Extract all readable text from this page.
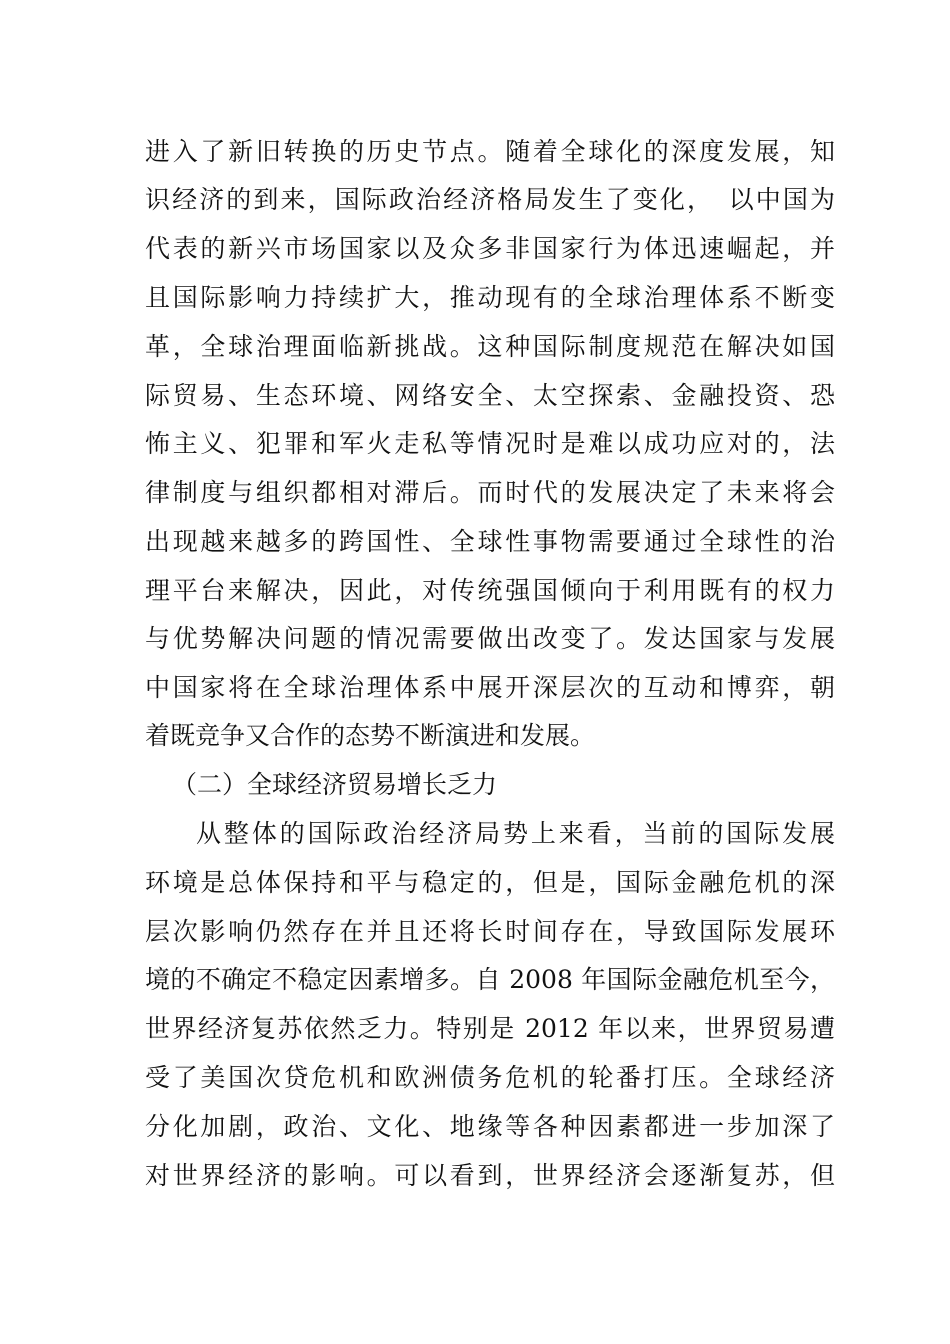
进入了新旧转换的历史节点。随着全球化的深度发展，知

识经济的到来，国际政治经济格局发生了变化，　以中国为

代表的新兴市场国家以及众多非国家行为体迅速崛起，并

且国际影响力持续扩大，推动现有的全球治理体系不断变

革，全球治理面临新挑战。这种国际制度规范在解决如国

际贸易、生态环境、网络安全、太空探索、金融投资、恐

怖主义、犯罪和军火走私等情况时是难以成功应对的，法

律制度与组织都相对滞后。而时代的发展决定了未来将会

出现越来越多的跨国性、全球性事物需要通过全球性的治

理平台来解决，因此，对传统强国倾向于利用既有的权力

与优势解决问题的情况需要做出改变了。发达国家与发展

中国家将在全球治理体系中展开深层次的互动和博弈，朝

着既竞争又合作的态势不断演进和发展。

（二）全球经济贸易增长乏力

从整体的国际政治经济局势上来看，当前的国际发展

环境是总体保持和平与稳定的，但是，国际金融危机的深

层次影响仍然存在并且还将长时间存在，导致国际发展环

境的不确定不稳定因素增多。自 2008 年国际金融危机至今，

世界经济复苏依然乏力。特别是 2012 年以来，世界贸易遭

受了美国次贷危机和欧洲债务危机的轮番打压。全球经济

分化加剧，政治、文化、地缘等各种因素都进一步加深了

对世界经济的影响。可以看到，世界经济会逐渐复苏，但
